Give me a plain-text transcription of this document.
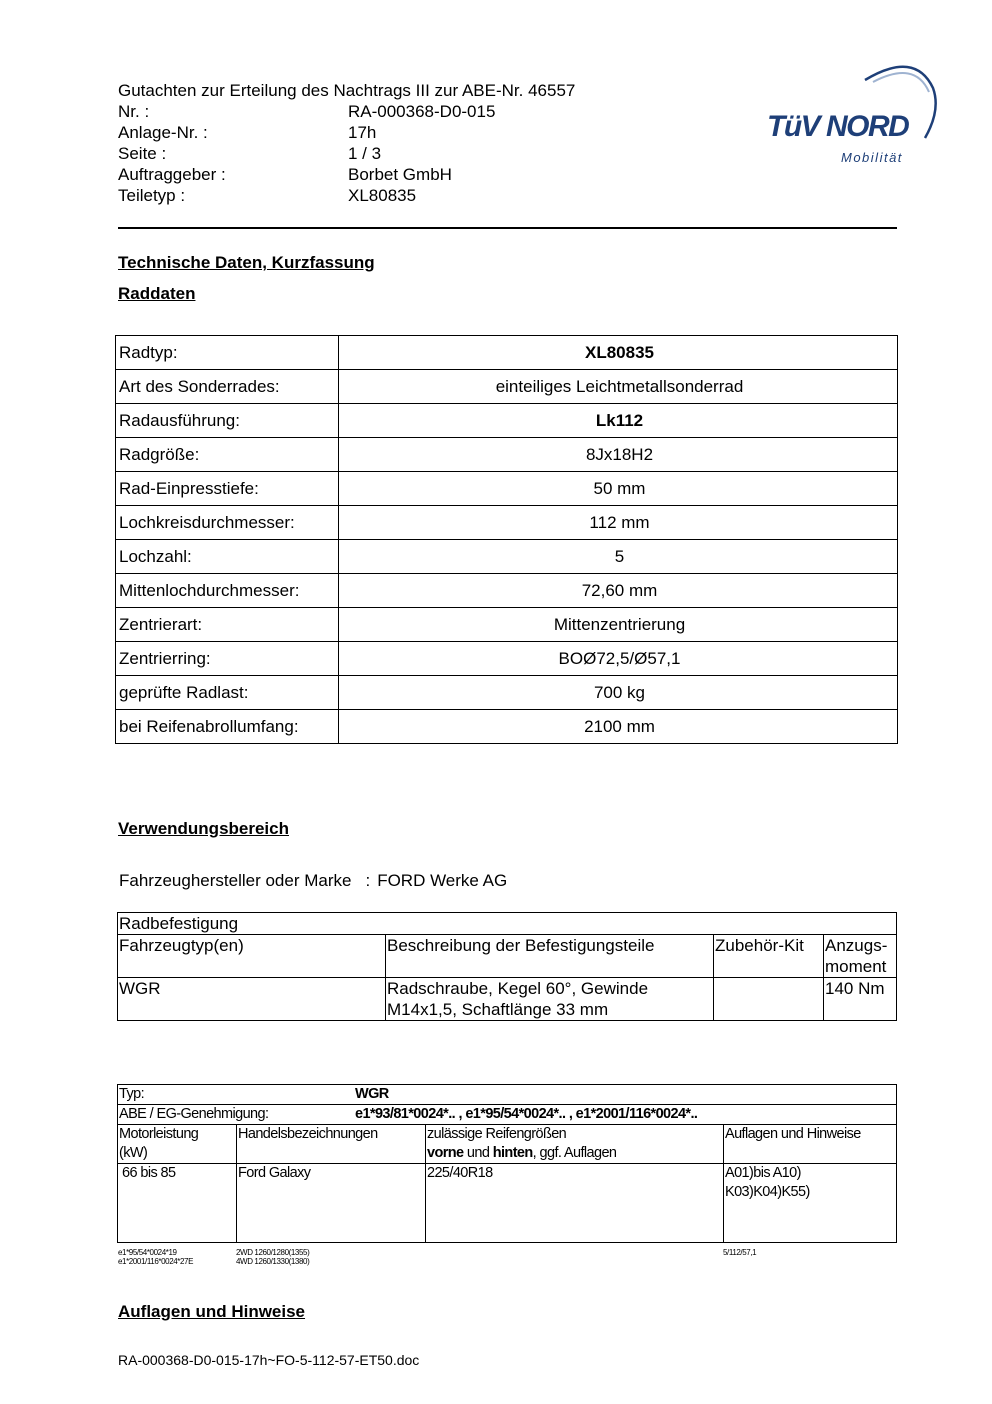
Gutachten zur Erteilung des Nachtrags III zur ABE-Nr. 46557
Nr. :	RA-000368-D0-015
Anlage-Nr. :	17h
Seite :	1 / 3
Auftraggeber :	Borbet GmbH
Teiletyp :	XL80835
TüV NORD
Mobilität
Technische Daten, Kurzfassung
Raddaten
Radtyp:	XL80835
Art des Sonderrades:	einteiliges Leichtmetallsonderrad
Radausführung:	Lk112
Radgröße:	8Jx18H2
Rad-Einpresstiefe:	50 mm
Lochkreisdurchmesser:	112 mm
Lochzahl:	5
Mittenlochdurchmesser:	72,60 mm
Zentrierart:	Mittenzentrierung
Zentrierring:	BOØ72,5/Ø57,1
geprüfte Radlast:	700 kg
bei Reifenabrollumfang:	2100 mm
Verwendungsbereich
Fahrzeughersteller oder Marke : FORD Werke AG
Radbefestigung			
Fahrzeugtyp(en)	Beschreibung der Befestigungsteile	Zubehör-Kit	Anzugs-
moment
WGR	Radschraube, Kegel 60°, Gewinde
M14x1,5, Schaftlänge 33 mm		140 Nm
Typ: WGR			
ABE / EG-Genehmigung: e1*93/81*0024*.. , e1*95/54*0024*.. , e1*2001/116*0024*..			
Motorleistung
(kW)	Handelsbezeichnungen	zulässige Reifengrößen
vorne und hinten, ggf. Auflagen	Auflagen und Hinweise
66 bis 85	Ford Galaxy	225/40R18	A01)bis A10)
K03)K04)K55)
e1*95/54*0024*19
e1*2001/116*0024*27E
2WD 1260/1280(1355)
4WD 1260/1330(1380)
5/112/57,1
Auflagen und Hinweise
RA-000368-D0-015-17h~FO-5-112-57-ET50.doc
